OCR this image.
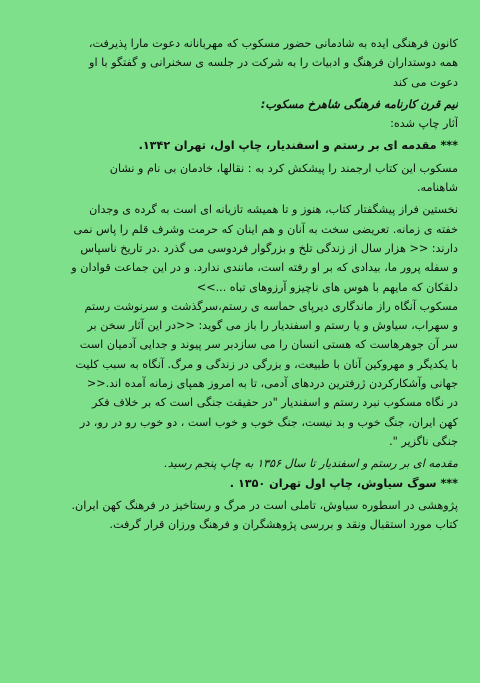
کانون فرهنگی ایده به شادمانی حضور مسکوب که مهربانانه دعوت مارا پذیرفت،
همه دوستداران فرهنگ و ادبیات را به شرکت در جلسه ی سخنرانی و گفتگو با او
دعوت می کند
نیم قرن کارنامه فرهنگی شاهرخ مسکوب:
آثار چاپ شده:
*** مقدمه ای بر رستم و اسفندیار، چاپ اول، تهران ۱۳۴۲.
مسکوب این کتاب ارجمند را پیشکش کرد به : نقالها، خادمان بی نام و نشان
شاهنامه.
نخستین فراز پیشگفتار کتاب، هنوز و تا همیشه تازیانه ای است به گرده ی وجدان
خفته ی زمانه. تعریضی سخت به آنان و هم اینان که حرمت وشرف قلم را پاس نمی
دارند: << هزار سال از زندگی تلخ و بزرگوار فردوسی می گذرد .در تاریخ ناسپاس
و سفله پرور ما، بیدادی که بر او رفته است، مانندی ندارد. و در این جماعت قوادان و
دلقکان که مایهم با هوس های ناچیزو آرزوهای تباه ...>>
مسکوب آنگاه راز ماندگاری دیرپای حماسه ی رستم،سرگذشت و سرنوشت رستم
و سهراب، سیاوش و یا رستم و اسفندیار را باز می گوید: <<در این آثار سخن بر
سر آن جوهرهاست که هستی انسان را می سازدبر سر پیوند و جدایی آدمیان است
با یکدیگر و مهروکین آنان با طبیعت، و بزرگی در زندگی و مرگ. آنگاه به سبب کلیت
جهانی وآشکارکردن ژرفترین دردهای آدمی، تا به امروز همپای زمانه آمده اند.<<
در نگاه مسکوب نبرد رستم و اسفندیار "در حقیقت جنگی است که بر خلاف فکر
کهن ایران، جنگ خوب و بد نیست، جنگ خوب و خوب است ، دو خوب رو در رو، در
جنگی ناگزیر ".
مقدمه ای بر رستم و اسفندیار تا سال ۱۳۵۶ به چاپ پنجم رسید.
*** سوگ سیاوش، چاپ اول تهران ۱۳۵۰ .
پژوهشی در اسطوره سیاوش، تاملی است در مرگ و رستاخیز در فرهنگ کهن ایران.
کتاب مورد استقبال ونقد و بررسی پژوهشگران و فرهنگ ورزان قرار گرفت.
